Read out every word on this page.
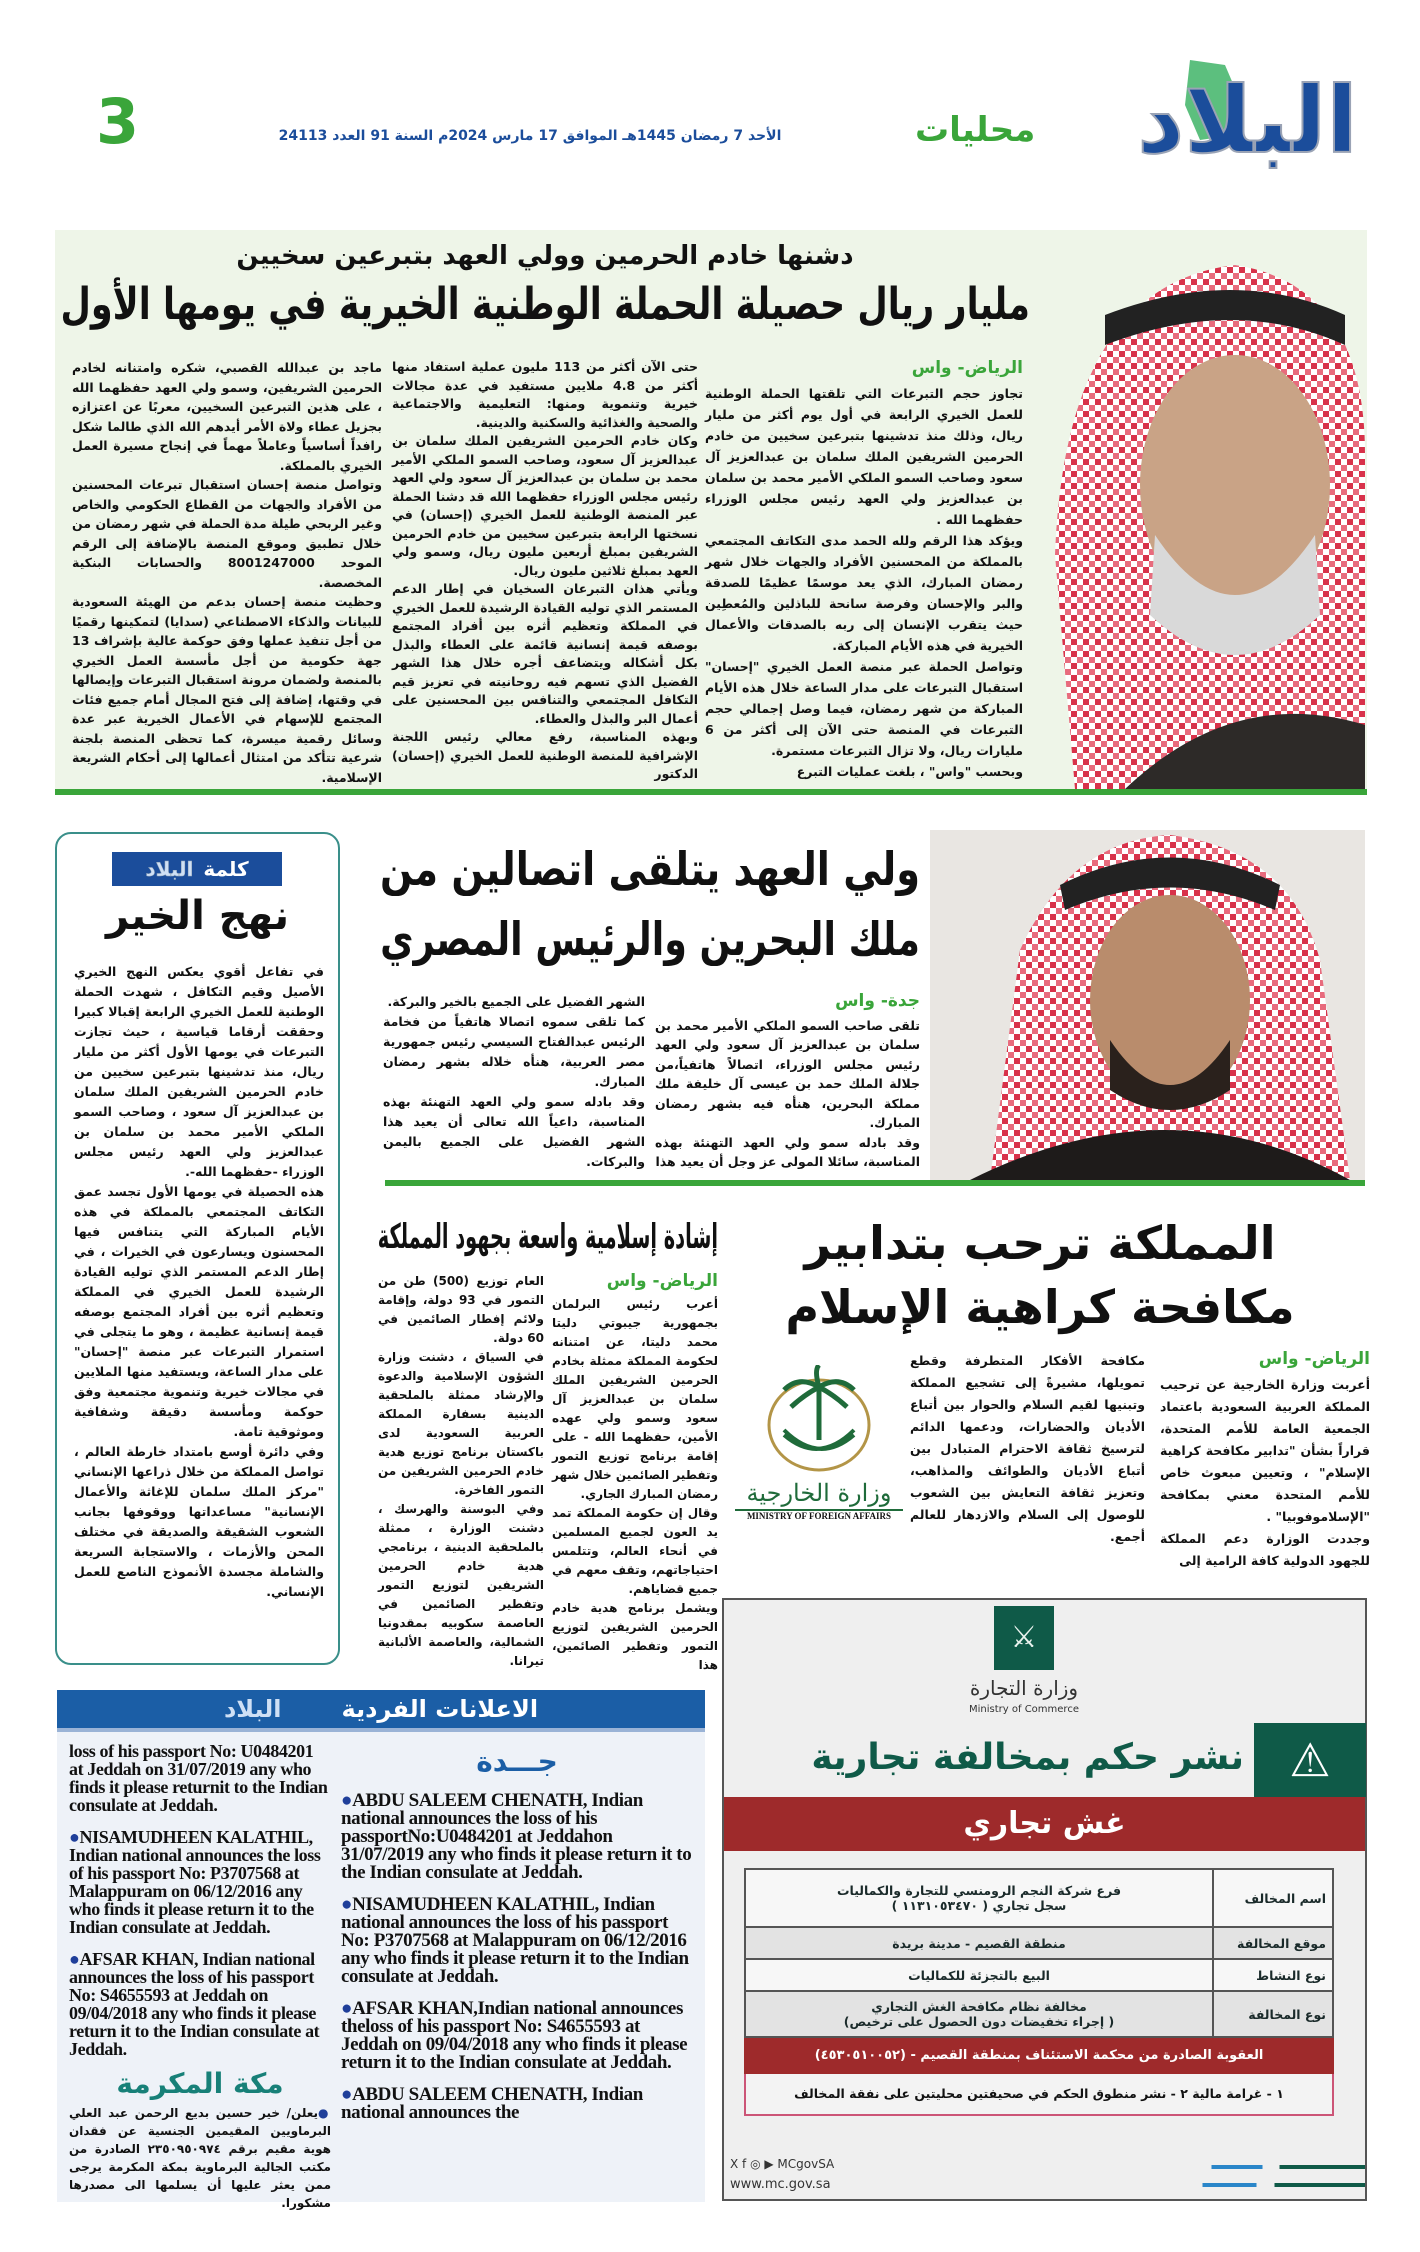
البلاد
محليات
الأحد 7 رمضان 1445هـ الموافق 17 مارس 2024م السنة 91 العدد 24113
3
دشنها خادم الحرمين وولي العهد بتبرعين سخيين
مليار ريال حصيلة الحملة الوطنية الخيرية في يومها الأول
الرياض- واس

تجاوز حجم التبرعات التي تلقتها الحملة الوطنية للعمل الخيري الرابعة في أول يوم أكثر من مليار ريال، وذلك منذ تدشينها بتبرعين سخيين من خادم الحرمين الشريفين الملك سلمان بن عبدالعزيز آل سعود وصاحب السمو الملكي الأمير محمد بن سلمان بن عبدالعزيز ولي العهد رئيس مجلس الوزراء حفظهما الله .

ويؤكد هذا الرقم ولله الحمد مدى التكاتف المجتمعي بالمملكة من المحسنين الأفراد والجهات خلال شهر رمضان المبارك، الذي يعد موسمًا عظيمًا للصدقة والبر والإحسان وفرصة سانحة للباذلين والمُعطِين حيث يتقرب الإنسان إلى ربه بالصدقات والأعمال الخيرية في هذه الأيام المباركة.

وتواصل الحملة عبر منصة العمل الخيري "إحسان" استقبال التبرعات على مدار الساعة خلال هذه الأيام المباركة من شهر رمضان، فيما وصل إجمالي حجم التبرعات في المنصة حتى الآن إلى أكثر من 6 مليارات ريال، ولا تزال التبرعات مستمرة.

وبحسب "واس" ، بلغت عمليات التبرع

حتى الآن أكثر من 113 مليون عملية استفاد منها أكثر من 4.8 ملايين مستفيد في عدة مجالات خيرية وتنموية ومنها: التعليمية والاجتماعية والصحية والغذائية والسكنية والدينية.

وكان خادم الحرمين الشريفين الملك سلمان بن عبدالعزيز آل سعود، وصاحب السمو الملكي الأمير محمد بن سلمان بن عبدالعزيز آل سعود ولي العهد رئيس مجلس الوزراء حفظهما الله قد دشنا الحملة عبر المنصة الوطنية للعمل الخيري (إحسان) في نسختها الرابعة بتبرعين سخيين من خادم الحرمين الشريفين بمبلغ أربعين مليون ريال، وسمو ولي العهد بمبلغ ثلاثين مليون ريال.

ويأتي هذان التبرعان السخيان في إطار الدعم المستمر الذي توليه القيادة الرشيدة للعمل الخيري في المملكة وتعظيم أثره بين أفراد المجتمع بوصفه قيمة إنسانية قائمة على العطاء والبذل بكل أشكاله ويتضاعف أجره خلال هذا الشهر الفضيل الذي تسهم فيه روحانيته في تعزيز قيم التكافل المجتمعي والتنافس بين المحسنين على أعمال البر والبذل والعطاء.

وبهذه المناسبة، رفع معالي رئيس اللجنة الإشرافية للمنصة الوطنية للعمل الخيري (إحسان) الدكتور

ماجد بن عبدالله القصبي، شكره وامتنانه لخادم الحرمين الشريفين، وسمو ولي العهد حفظهما الله ، على هذين التبرعين السخيين، معربًا عن اعتزازه بجزيل عطاء ولاة الأمر أيدهم الله الذي طالما شكل رافداً أساسياً وعاملاً مهماً في إنجاح مسيرة العمل الخيري بالمملكة.

وتواصل منصة إحسان استقبال تبرعات المحسنين من الأفراد والجهات من القطاع الحكومي والخاص وغير الربحي طيلة مدة الحملة في شهر رمضان من خلال تطبيق وموقع المنصة بالإضافة إلى الرقم الموحد 8001247000 والحسابات البنكية المخصصة.

وحظيت منصة إحسان بدعم من الهيئة السعودية للبيانات والذكاء الاصطناعي (سدايا) لتمكينها رقميًا من أجل تنفيذ عملها وفق حوكمة عالية بإشراف 13 جهة حكومية من أجل مأسسة العمل الخيري بالمنصة ولضمان مرونة استقبال التبرعات وإيصالها في وقتها، إضافة إلى فتح المجال أمام جميع فئات المجتمع للإسهام في الأعمال الخيرية عبر عدة وسائل رقمية ميسرة، كما تحظى المنصة بلجنة شرعية تتأكد من امتثال أعمالها إلى أحكام الشريعة الإسلامية.

كلمة
البلاد
نهج الخير

في تفاعل أقوي يعكس النهج الخيري الأصيل وقيم التكافل ، شهدت الحملة الوطنية للعمل الخيري الرابعة إقبالا كبيرا وحققت أرقاما قياسية ، حيث تجازت التبرعات في يومها الأول أكثر من مليار ريال، منذ تدشينها بتبرعين سخيين من خادم الحرمين الشريفين الملك سلمان بن عبدالعزيز آل سعود ، وصاحب السمو الملكي الأمير محمد بن سلمان بن عبدالعزيز ولي العهد رئيس مجلس الوزراء -حفظهما الله-.

هذه الحصيلة في يومها الأول تجسد عمق التكاتف المجتمعي بالمملكة في هذه الأيام المباركة التي يتنافس فيها المحسنون ويسارعون في الخيرات ، في إطار الدعم المستمر الذي توليه القيادة الرشيدة للعمل الخيري في المملكة وتعظيم أثره بين أفراد المجتمع بوصفه قيمة إنسانية عظيمة ، وهو ما يتجلى في استمرار التبرعات عبر منصة "إحسان" على مدار الساعة، ويستفيد منها الملايين في مجالات خيرية وتنموية مجتمعية وفق حوكمة ومأسسة دقيقة وشفافية وموثوقية تامة.

وفي دائرة أوسع بامتداد خارطة العالم ، تواصل المملكة من خلال ذراعها الإنساني "مركز الملك سلمان للإغاثة والأعمال الإنسانية" مساعداتها ووقوفها بجانب الشعوب الشقيقة والصديقة في مختلف المحن والأزمات ، والاستجابة السريعة والشاملة مجسدة الأنموذج الناصع للعمل الإنساني.

ولي العهد يتلقى اتصالين من
ملك البحرين والرئيس المصري
جدة- واس

تلقى صاحب السمو الملكي الأمير محمد بن سلمان بن عبدالعزيز آل سعود ولي العهد رئيس مجلس الوزراء، اتصالاً هاتفياً،من جلالة الملك حمد بن عيسى آل خليفة ملك مملكة البحرين، هنأه فيه بشهر رمضان المبارك.

وقد بادله سمو ولي العهد التهنئة بهذه المناسبة، سائلا المولى عز وجل أن يعيد هذا

الشهر الفضيل على الجميع بالخير والبركة.

كما تلقى سموه اتصالا هاتفياً من فخامة الرئيس عبدالفتاح السيسي رئيس جمهورية مصر العربية، هنأه خلاله بشهر رمضان المبارك.

وقد بادله سمو ولي العهد التهنئة بهذه المناسبة، داعياً الله تعالى أن يعيد هذا الشهر الفضيل على الجميع باليمن والبركات.

المملكة ترحب بتدابير
مكافحة كراهية الإسلام
الرياض- واس

أعربت وزارة الخارجية عن ترحيب المملكة العربية السعودية باعتماد الجمعية العامة للأمم المتحدة، قراراً بشأن "تدابير مكافحة كراهية الإسلام" ، وتعيين مبعوث خاص للأمم المتحدة معني بمكافحة "الإسلاموفوبيا" .

وجددت الوزارة دعم المملكة للجهود الدولية كافة الرامية إلى

مكافحة الأفكار المتطرفة وقطع تمويلها، مشيرةً إلى تشجيع المملكة وتبنيها لقيم السلام والحوار بين أتباع الأديان والحضارات، ودعمها الدائم لترسيخ ثقافة الاحترام المتبادل بين أتباع الأديان والطوائف والمذاهب، وتعزيز ثقافة التعايش بين الشعوب للوصول إلى السلام والازدهار للعالم أجمع.

وزارة الخارجية
MINISTRY OF FOREIGN AFFAIRS
إشادة إسلامية واسعة بجهود المملكة
الرياض- واس

أعرب رئيس البرلمان بجمهورية جيبوتي دليتا محمد دليتا، عن امتنانه لحكومة المملكة ممثلة بخادم الحرمين الشريفين الملك سلمان بن عبدالعزيز آل سعود وسمو ولي عهده الأمين، حفظهما الله - على إقامة برنامج توزيع التمور وتفطير الصائمين خلال شهر رمضان المبارك الجاري.

وقال إن حكومة المملكة تمد يد العون لجميع المسلمين في أنحاء العالم، وتتلمس احتياجاتهم، وتقف معهم في جميع قضاياهم.

ويشمل برنامج هدية خادم الحرمين الشريفين لتوزيع التمور وتفطير الصائمين، هذا

العام توزيع (500) طن من التمور في 93 دولة، وإقامة ولائم إفطار الصائمين في 60 دولة.

في السياق ، دشنت وزارة الشؤون الإسلامية والدعوة والإرشاد ممثلة بالملحقية الدينية بسفارة المملكة العربية السعودية لدى باكستان برنامج توزيع هدية خادم الحرمين الشريفين من التمور الفاخرة.

وفي البوسنة والهرسك ، دشنت الوزارة ، ممثلة بالملحقية الدينية ، برنامجي هدية خادم الحرمين الشريفين لتوزيع التمور وتفطير الصائمين في العاصمة سكوبيه بمقدونيا الشمالية، والعاصمة الألبانية تيرانا.

الاعلانات الفردية
البلاد

loss of his passport No: U0484201 at Jeddah on 31/07/2019 any who finds it please returnit to the Indian consulate at Jeddah.

●NISAMUDHEEN KALATHIL, Indian national announces the loss of his passport No: P3707568 at Malappuram on 06/12/2016 any who finds it please return it to the Indian consulate at Jeddah.

●AFSAR KHAN, Indian national announces the loss of his passport No: S4655593 at Jeddah on 09/04/2018 any who finds it please return it to the Indian consulate at Jeddah.

مكة المكرمة
●يعلن/ خير حسين بديع الرحمن عبد العلي البرماويين المقيمين الجنسية عن فقدان هوية مقيم برقم ٢٣٥٠٩٥٠٩٧٤ الصادرة من مكتب الجالية البرماوية بمكة المكرمة يرجى ممن يعثر عليها أن يسلمها الى مصدرها مشكورا.
جـــدة

●ABDU SALEEM CHENATH, Indian national announces the loss of his passportNo:U0484201 at Jeddahon 31/07/2019 any who finds it please return it to the Indian consulate at Jeddah.

●NISAMUDHEEN KALATHIL, Indian national announces the loss of his passport No: P3707568 at Malappuram on 06/12/2016 any who finds it please return it to the Indian consulate at Jeddah.

●AFSAR KHAN,Indian national announces theloss of his passport No: S4655593 at Jeddah on 09/04/2018 any who finds it please return it to the Indian consulate at Jeddah.

●ABDU SALEEM CHENATH, Indian national announces the

⚔
وزارة التجارة
Ministry of Commerce
⚠
نشر حكم بمخالفة تجارية
غش تجاري
اسم المخالف	فرع شركة النجم الرومنسي للتجارة والكماليات
سجل تجاري ( ١١٣١٠٥٣٤٧٠ )

موقع المخالفة	منطقة القصيم - مدينة بريدة
نوع النشاط	البيع بالتجزئة للكماليات
نوع المخالفة	مخالفة نظام مكافحة الغش التجاري
( إجراء تخفيضات دون الحصول على ترخيص)
العقوبة الصادرة من محكمة الاستئناف بمنطقة القصيم - (٤٥٣٠٥١٠٠٥٢)
١ - غرامة مالية ٢ - نشر منطوق الحكم في صحيفتين محليتين على نفقة المخالف
X f ◎ ▶ MCgovSA
www.mc.gov.sa
